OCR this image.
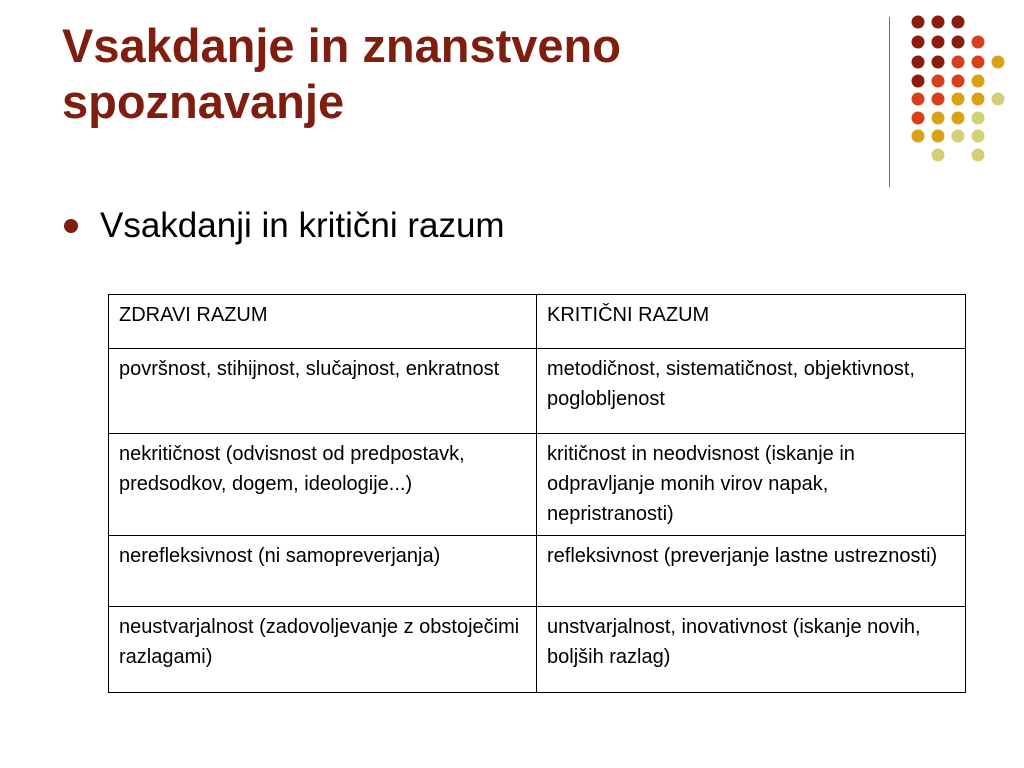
Vsakdanje in znanstveno spoznavanje
Vsakdanji in kritični razum
ZDRAVI RAZUM	KRITIČNI RAZUM
površnost, stihijnost, slučajnost, enkratnost	metodičnost, sistematičnost, objektivnost, poglobljenost
nekritičnost (odvisnost od predpostavk, predsodkov, dogem, ideologije...)	kritičnost in neodvisnost (iskanje in odpravljanje monih virov napak, nepristranosti)
nerefleksivnost (ni samopreverjanja)	refleksivnost (preverjanje lastne ustreznosti)
neustvarjalnost (zadovoljevanje z obstoječimi razlagami)	unstvarjalnost, inovativnost (iskanje novih, boljših razlag)
